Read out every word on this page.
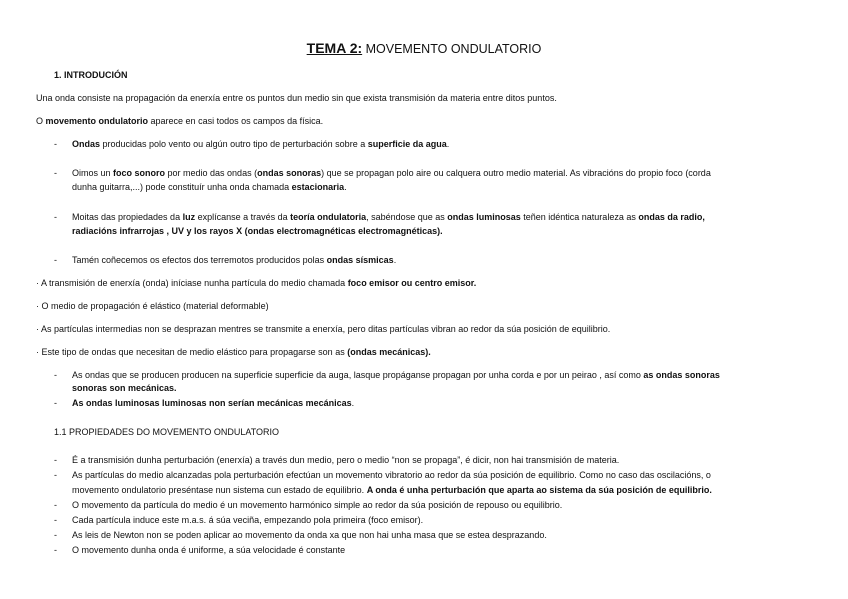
TEMA 2: MOVEMENTO ONDULATORIO
1. INTRODUCIÓN
Una onda consiste na propagación da enerxía entre os puntos dun medio sin que exista transmisión da materia entre ditos puntos.
O movemento ondulatorio aparece en casi todos os campos da física.
- Ondas producidas polo vento ou algún outro tipo de perturbación sobre a superficie da agua.
- Oimos un foco sonoro por medio das ondas (ondas sonoras) que se propagan polo aire ou calquera outro medio material. As vibracións do propio foco (corda
dunha guitarra,...) pode constituír unha onda chamada estacionaria.
- Moitas das propiedades da luz explícanse a través da teoría ondulatoria, sabéndose que as ondas luminosas teñen idéntica naturaleza as ondas da radio,
radiacións infrarrojas , UV y los rayos X (ondas electromagnéticas electromagnéticas).
- Tamén coñecemos os efectos dos terremotos producidos polas ondas sísmicas.
· A transmisión de enerxía (onda) iníciase nunha partícula do medio chamada foco emisor ou centro emisor.
· O medio de propagación é elástico (material deformable)
· As partículas intermedias non se desprazan mentres se transmite a enerxía, pero ditas partículas vibran ao redor da súa posición de equilibrio.
· Este tipo de ondas que necesitan de medio elástico para propagarse son as (ondas mecánicas).
- As ondas que se producen producen na superficie superficie da auga, lasque propáganse propagan por unha corda e por un peirao , así como as ondas sonoras
sonoras son mecánicas.
- As ondas luminosas luminosas non serían mecánicas mecánicas.
1.1 PROPIEDADES DO MOVEMENTO ONDULATORIO
- É a transmisión dunha perturbación (enerxía) a través dun medio, pero o medio “non se propaga”, é dicir, non hai transmisión de materia.
- As partículas do medio alcanzadas pola perturbación efectúan un movemento vibratorio ao redor da súa posición de equilibrio. Como no caso das oscilacións, o
movemento ondulatorio preséntase nun sistema cun estado de equilibrio. A onda é unha perturbación que aparta ao sistema da súa posición de equilibrio.
- O movemento da partícula do medio é un movemento harmónico simple ao redor da súa posición de repouso ou equilibrio.
- Cada partícula induce este m.a.s. á súa veciña, empezando pola primeira (foco emisor).
- As leis de Newton non se poden aplicar ao movemento da onda xa que non hai unha masa que se estea desprazando.
- O movemento dunha onda é uniforme, a súa velocidade é constante
